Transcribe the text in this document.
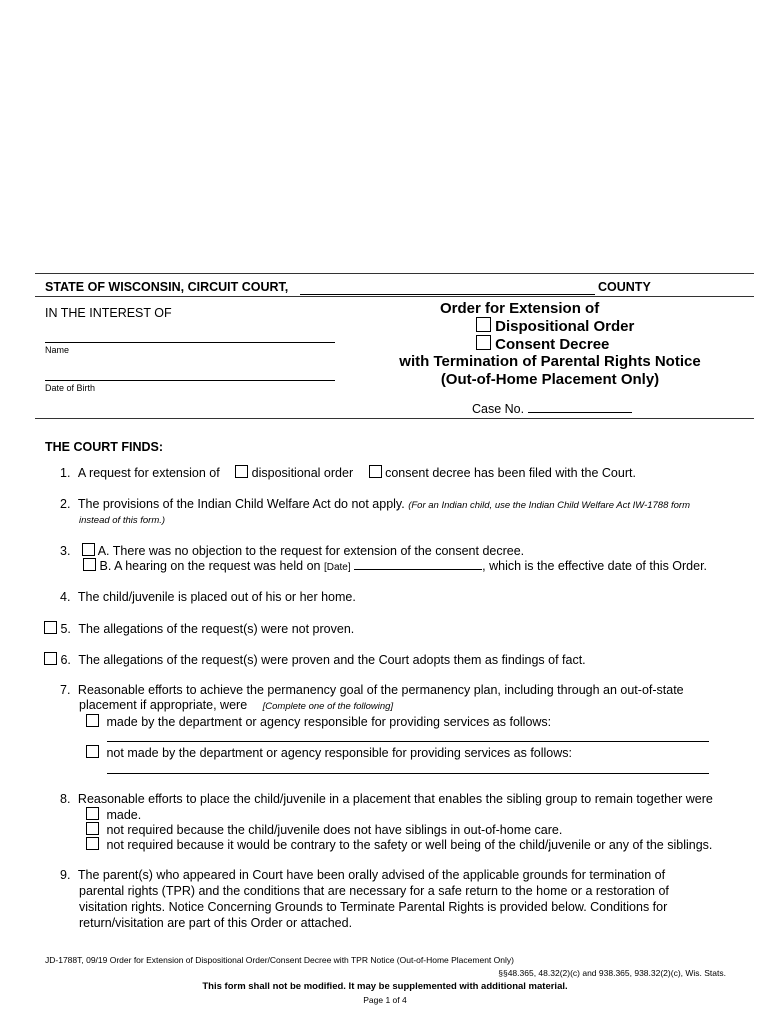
STATE OF WISCONSIN, CIRCUIT COURT,	COUNTY
IN THE INTEREST OF
Name
Date of Birth
Order for Extension of
Dispositional Order
Consent Decree
with Termination of Parental Rights Notice
(Out-of-Home Placement Only)
Case No.
THE COURT FINDS:
1. A request for extension of	dispositional order	consent decree has been filed with the Court.
2. The provisions of the Indian Child Welfare Act do not apply. (For an Indian child, use the Indian Child Welfare Act IW-1788 form
instead of this form.)
3. A. There was no objection to the request for extension of the consent decree.
B. A hearing on the request was held on [Date]	, which is the effective date of this Order.
4. The child/juvenile is placed out of his or her home.
5. The allegations of the request(s) were not proven.
6. The allegations of the request(s) were proven and the Court adopts them as findings of fact.
7. Reasonable efforts to achieve the permanency goal of the permanency plan, including through an out-of-state
placement if appropriate, were [Complete one of the following]
made by the department or agency responsible for providing services as follows:
not made by the department or agency responsible for providing services as follows:
8. Reasonable efforts to place the child/juvenile in a placement that enables the sibling group to remain together were
made.
not required because the child/juvenile does not have siblings in out-of-home care.
not required because it would be contrary to the safety or well being of the child/juvenile or any of the siblings.
9. The parent(s) who appeared in Court have been orally advised of the applicable grounds for termination of
parental rights (TPR) and the conditions that are necessary for a safe return to the home or a restoration of
visitation rights. Notice Concerning Grounds to Terminate Parental Rights is provided below. Conditions for
return/visitation are part of this Order or attached.
JD-1788T, 09/19 Order for Extension of Dispositional Order/Consent Decree with TPR Notice (Out-of-Home Placement Only)
§§48.365, 48.32(2)(c) and 938.365, 938.32(2)(c), Wis. Stats.
This form shall not be modified. It may be supplemented with additional material.
Page 1 of 4
